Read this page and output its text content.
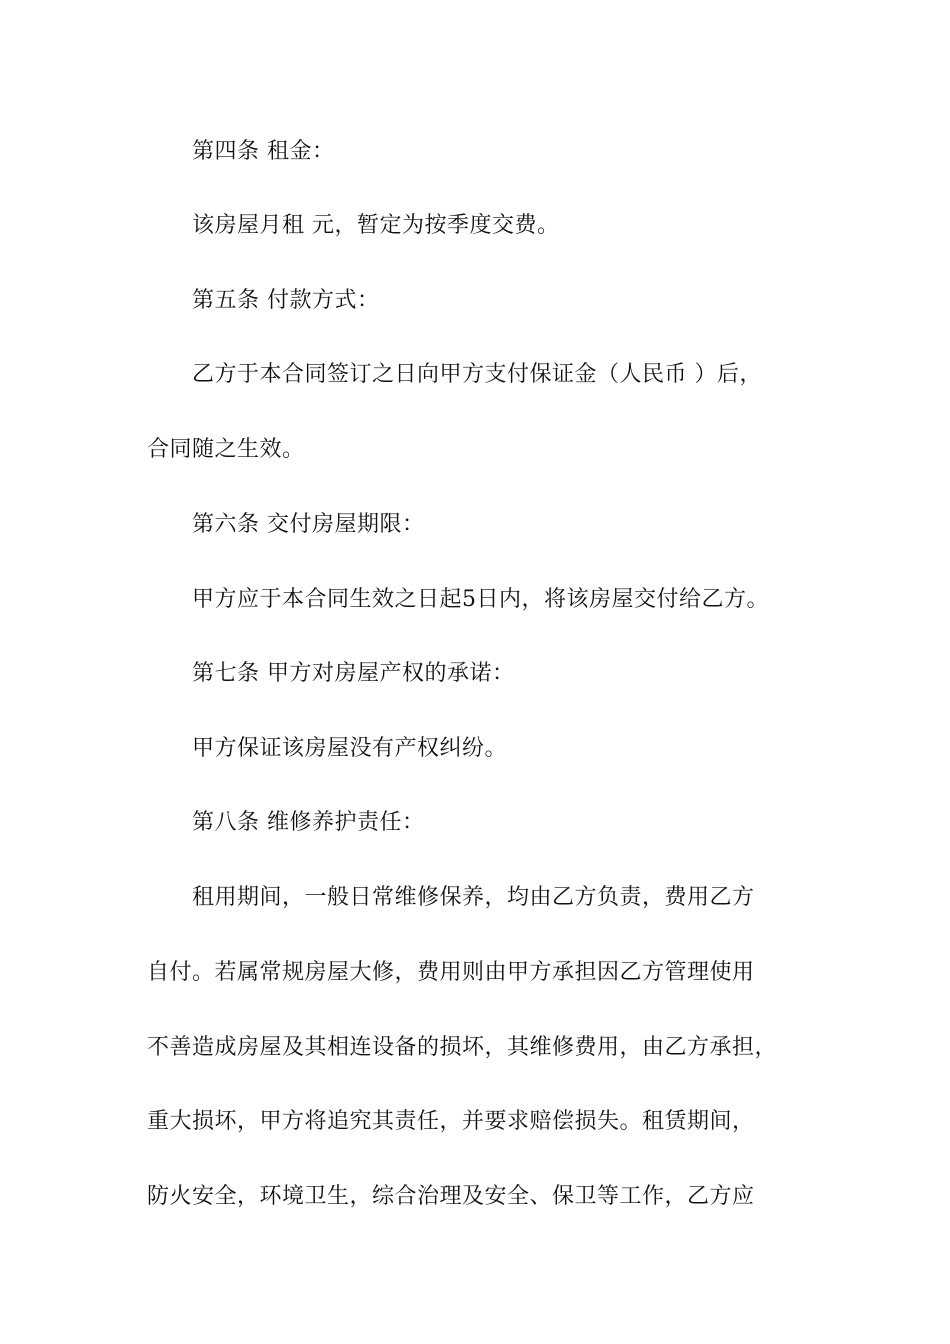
第四条 租金：
该房屋月租 元，暂定为按季度交费。
第五条 付款方式：
乙方于本合同签订之日向甲方支付保证金（人民币 ）后，
合同随之生效。
第六条 交付房屋期限：
甲方应于本合同生效之日起5日内，将该房屋交付给乙方。
第七条 甲方对房屋产权的承诺：
甲方保证该房屋没有产权纠纷。
第八条 维修养护责任：
租用期间，一般日常维修保养，均由乙方负责，费用乙方
自付。若属常规房屋大修，费用则由甲方承担因乙方管理使用
不善造成房屋及其相连设备的损坏，其维修费用，由乙方承担，
重大损坏，甲方将追究其责任，并要求赔偿损失。租赁期间，
防火安全，环境卫生，综合治理及安全、保卫等工作，乙方应
